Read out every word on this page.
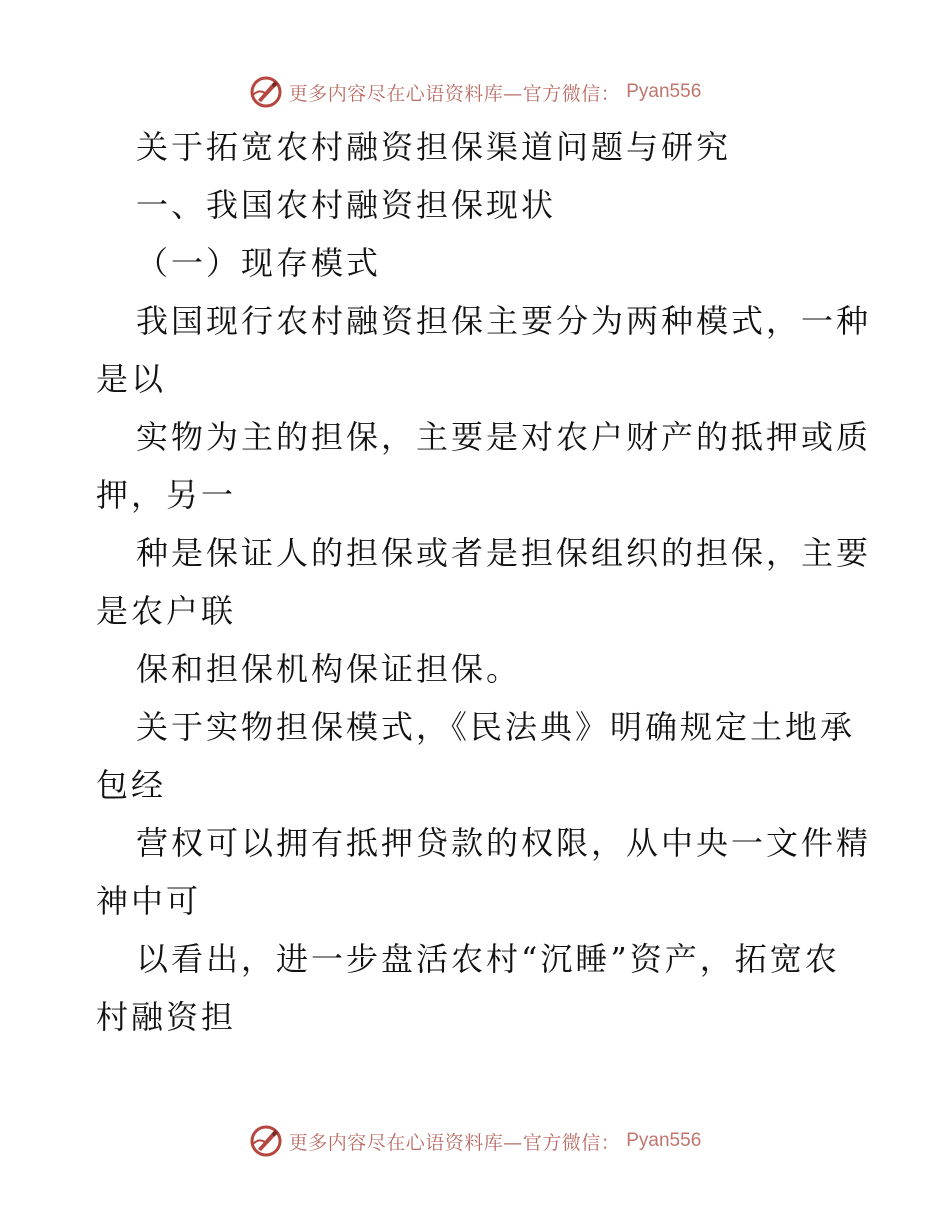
更多内容尽在心语资料库—官方微信： Pyan556
关于拓宽农村融资担保渠道问题与研究
一、我国农村融资担保现状
（一）现存模式
我国现行农村融资担保主要分为两种模式，一种
是以
实物为主的担保，主要是对农户财产的抵押或质
押，另一
种是保证人的担保或者是担保组织的担保，主要
是农户联
保和担保机构保证担保。
关于实物担保模式，《民法典》明确规定土地承
包经
营权可以拥有抵押贷款的权限，从中央一文件精
神中可
以看出，进一步盘活农村“沉睡”资产，拓宽农
村融资担
更多内容尽在心语资料库—官方微信： Pyan556
